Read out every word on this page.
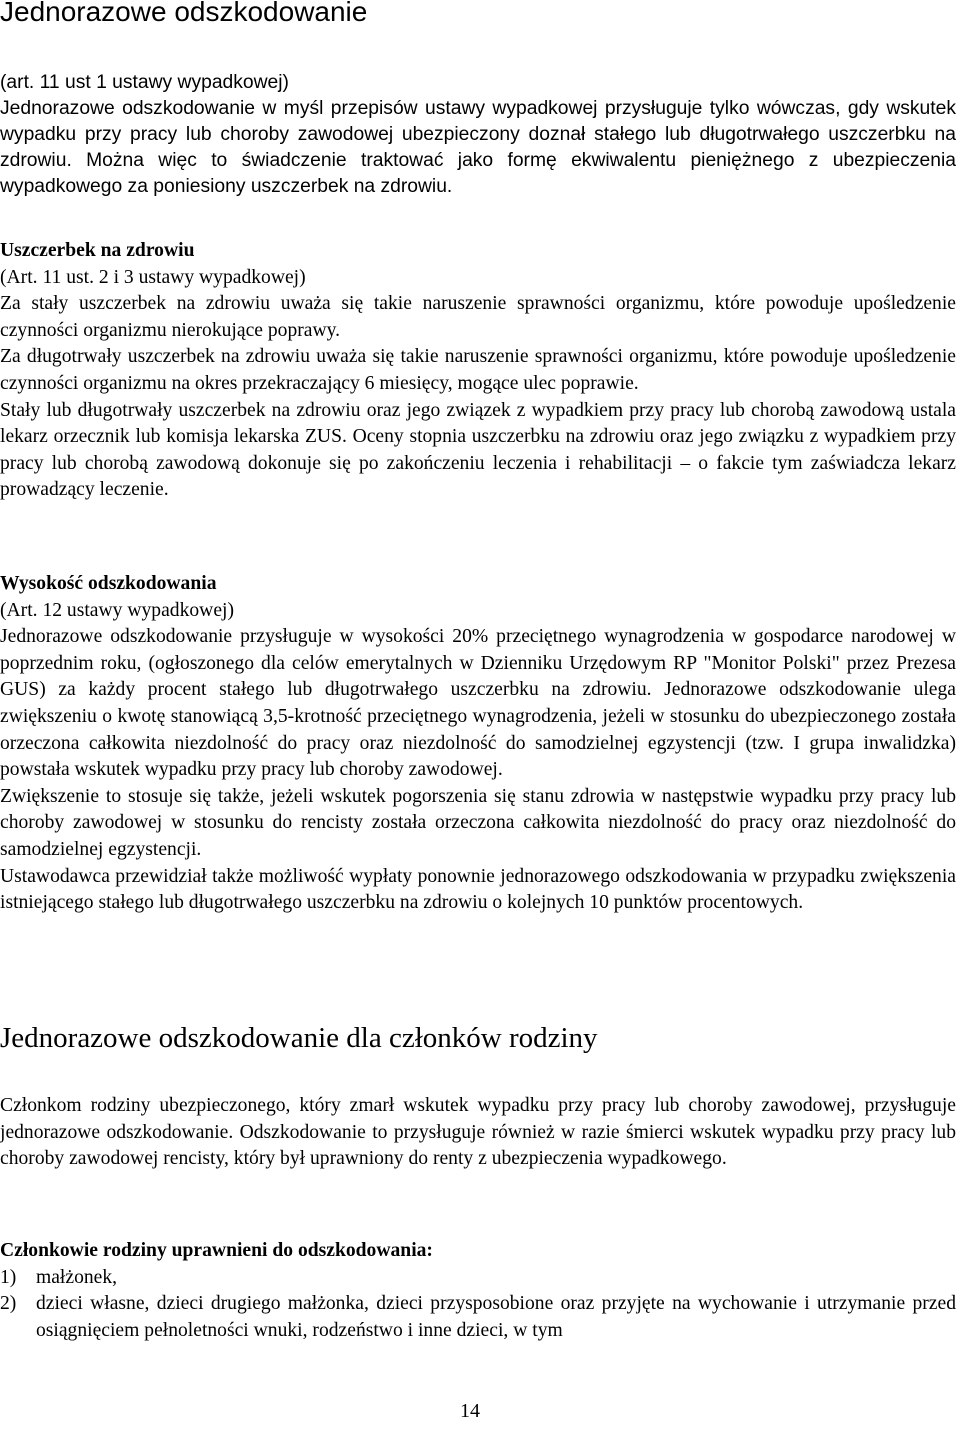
Jednorazowe odszkodowanie

(art. 11 ust 1 ustawy wypadkowej)

Jednorazowe odszkodowanie w myśl przepisów ustawy wypadkowej przysługuje tylko wówczas, gdy wskutek wypadku przy pracy lub choroby zawodowej ubezpieczony doznał stałego lub długotrwałego uszczerbku na zdrowiu. Można więc to świadczenie traktować jako formę ekwiwalentu pieniężnego z ubezpieczenia wypadkowego za poniesiony uszczerbek na zdrowiu.

Uszczerbek na zdrowiu

(Art. 11 ust. 2 i 3 ustawy wypadkowej)

Za stały uszczerbek na zdrowiu uważa się takie naruszenie sprawności organizmu, które powoduje upośledzenie czynności organizmu nierokujące poprawy.

Za długotrwały uszczerbek na zdrowiu uważa się takie naruszenie sprawności organizmu, które powoduje upośledzenie czynności organizmu na okres przekraczający 6 miesięcy, mogące ulec poprawie.

Stały lub długotrwały uszczerbek na zdrowiu oraz jego związek z wypadkiem przy pracy lub chorobą zawodową ustala lekarz orzecznik lub komisja lekarska ZUS. Oceny stopnia uszczerbku na zdrowiu oraz jego związku z wypadkiem przy pracy lub chorobą zawodową dokonuje się po zakończeniu leczenia i rehabilitacji – o fakcie tym zaświadcza lekarz prowadzący leczenie.

Wysokość odszkodowania

(Art. 12 ustawy wypadkowej)

Jednorazowe odszkodowanie przysługuje w wysokości 20% przeciętnego wynagrodzenia w gospodarce narodowej w poprzednim roku, (ogłoszonego dla celów emerytalnych w Dzienniku Urzędowym RP "Monitor Polski" przez Prezesa GUS) za każdy procent stałego lub długotrwałego uszczerbku na zdrowiu. Jednorazowe odszkodowanie ulega zwiększeniu o kwotę stanowiącą 3,5-krotność przeciętnego wynagrodzenia, jeżeli w stosunku do ubezpieczonego została orzeczona całkowita niezdolność do pracy oraz niezdolność do samodzielnej egzystencji (tzw. I grupa inwalidzka) powstała wskutek wypadku przy pracy lub choroby zawodowej.

Zwiększenie to stosuje się także, jeżeli wskutek pogorszenia się stanu zdrowia w następstwie wypadku przy pracy lub choroby zawodowej w stosunku do rencisty została orzeczona całkowita niezdolność do pracy oraz niezdolność do samodzielnej egzystencji.

Ustawodawca przewidział także możliwość wypłaty ponownie jednorazowego odszkodowania w przypadku zwiększenia istniejącego stałego lub długotrwałego uszczerbku na zdrowiu o kolejnych 10 punktów procentowych.

Jednorazowe odszkodowanie dla członków rodziny

Członkom rodziny ubezpieczonego, który zmarł wskutek wypadku przy pracy lub choroby zawodowej, przysługuje jednorazowe odszkodowanie. Odszkodowanie to przysługuje również w razie śmierci wskutek wypadku przy pracy lub choroby zawodowej rencisty, który był uprawniony do renty z ubezpieczenia wypadkowego.

Członkowie rodziny uprawnieni do odszkodowania:

1)	małżonek,
2)	dzieci własne, dzieci drugiego małżonka, dzieci przysposobione oraz przyjęte na wychowanie i utrzymanie przed osiągnięciem pełnoletności wnuki, rodzeństwo i inne dzieci, w tym
14
